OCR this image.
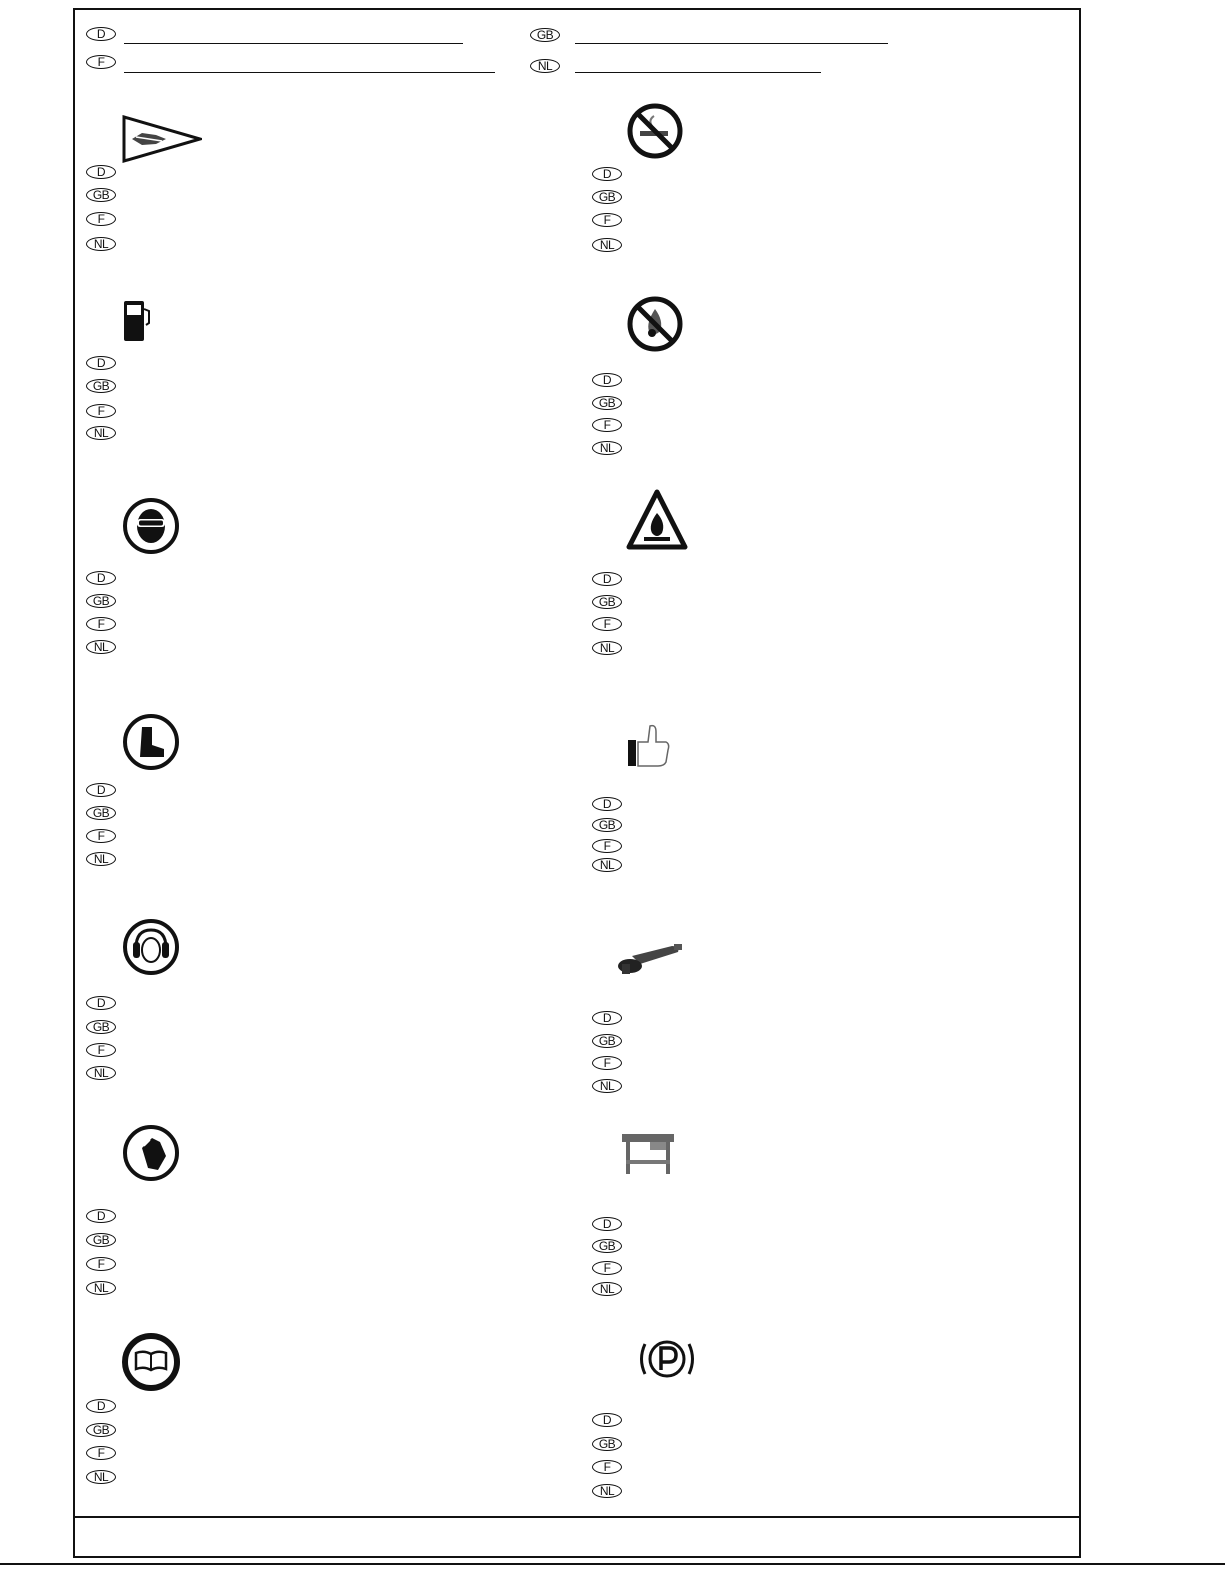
D
F
GB
NL
D
GB
F
NL
D
GB
F
NL
D
GB
F
NL
D
GB
F
NL
D
GB
F
NL
D
GB
F
NL
D
GB
F
NL
D
GB
F
NL
D
GB
F
NL
D
GB
F
NL
D
GB
F
NL
D
GB
F
NL
D
GB
F
NL
D
GB
F
NL
